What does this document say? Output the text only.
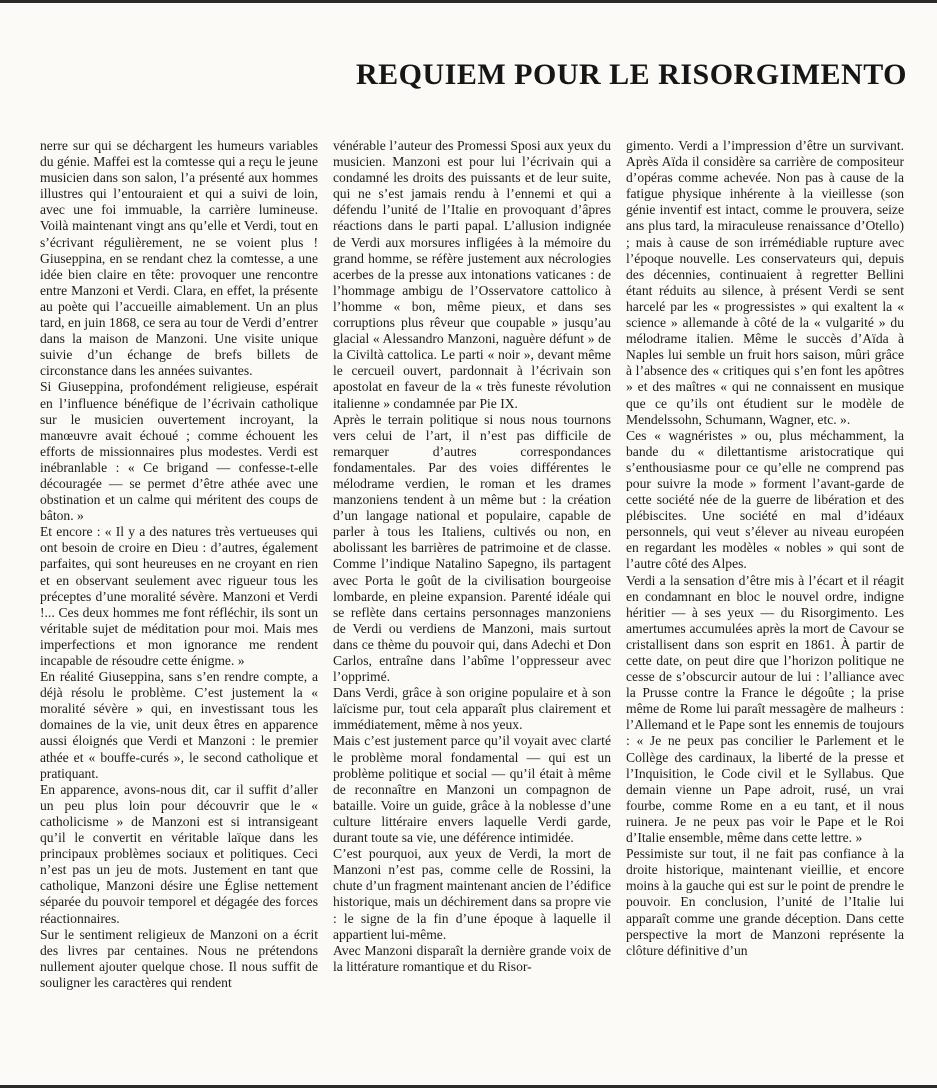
REQUIEM POUR LE RISORGIMENTO

nerre sur qui se déchargent les humeurs variables du génie. Maffei est la comtesse qui a reçu le jeune musicien dans son salon, l’a présenté aux hommes illustres qui l’entouraient et qui a suivi de loin, avec une foi immuable, la carrière lumineuse. Voilà maintenant vingt ans qu’elle et Verdi, tout en s’écrivant régulièrement, ne se voient plus ! Giuseppina, en se rendant chez la comtesse, a une idée bien claire en tête: provoquer une rencontre entre Manzoni et Verdi. Clara, en effet, la présente au poète qui l’accueille aimablement. Un an plus tard, en juin 1868, ce sera au tour de Verdi d’entrer dans la maison de Manzoni. Une visite unique suivie d’un échange de brefs billets de circonstance dans les années suivantes.

Si Giuseppina, profondément religieuse, espérait en l’influence bénéfique de l’écrivain catholique sur le musicien ouvertement incroyant, la manœuvre avait échoué ; comme échouent les efforts de missionnaires plus modestes. Verdi est inébranlable : « Ce brigand — confesse-t-elle découragée — se permet d’être athée avec une obstination et un calme qui méritent des coups de bâton. »

Et encore : « Il y a des natures très vertueuses qui ont besoin de croire en Dieu : d’autres, également parfaites, qui sont heureuses en ne croyant en rien et en observant seulement avec rigueur tous les préceptes d’une moralité sévère. Manzoni et Verdi !... Ces deux hommes me font réfléchir, ils sont un véritable sujet de méditation pour moi. Mais mes imperfections et mon ignorance me rendent incapable de résoudre cette énigme. »

En réalité Giuseppina, sans s’en rendre compte, a déjà résolu le problème. C’est justement la « moralité sévère » qui, en investissant tous les domaines de la vie, unit deux êtres en apparence aussi éloignés que Verdi et Manzoni : le premier athée et « bouffe-curés », le second catholique et pratiquant.

En apparence, avons-nous dit, car il suffit d’aller un peu plus loin pour découvrir que le « catholicisme » de Manzoni est si intransigeant qu’il le convertit en véritable laïque dans les principaux problèmes sociaux et politiques. Ceci n’est pas un jeu de mots. Justement en tant que catholique, Manzoni désire une Église nettement séparée du pouvoir temporel et dégagée des forces réactionnaires.

Sur le sentiment religieux de Manzoni on a écrit des livres par centaines. Nous ne prétendons nullement ajouter quelque chose. Il nous suffit de souligner les caractères qui rendent

vénérable l’auteur des Promessi Sposi aux yeux du musicien. Manzoni est pour lui l’écrivain qui a condamné les droits des puissants et de leur suite, qui ne s’est jamais rendu à l’ennemi et qui a défendu l’unité de l’Italie en provoquant d’âpres réactions dans le parti papal. L’allusion indignée de Verdi aux morsures infligées à la mémoire du grand homme, se réfère justement aux nécrologies acerbes de la presse aux intonations vaticanes : de l’hommage ambigu de l’Osservatore cattolico à l’homme « bon, même pieux, et dans ses corruptions plus rêveur que coupable » jusqu’au glacial « Alessandro Manzoni, naguère défunt » de la Civiltà cattolica. Le parti « noir », devant même le cercueil ouvert, pardonnait à l’écrivain son apostolat en faveur de la « très funeste révolution italienne » condamnée par Pie IX.

Après le terrain politique si nous nous tournons vers celui de l’art, il n’est pas difficile de remarquer d’autres correspondances fondamentales. Par des voies différentes le mélodrame verdien, le roman et les drames manzoniens tendent à un même but : la création d’un langage national et populaire, capable de parler à tous les Italiens, cultivés ou non, en abolissant les barrières de patrimoine et de classe. Comme l’indique Natalino Sapegno, ils partagent avec Porta le goût de la civilisation bourgeoise lombarde, en pleine expansion. Parenté idéale qui se reflète dans certains personnages manzoniens de Verdi ou verdiens de Manzoni, mais surtout dans ce thème du pouvoir qui, dans Adechi et Don Carlos, entraîne dans l’abîme l’oppresseur avec l’opprimé.

Dans Verdi, grâce à son origine populaire et à son laïcisme pur, tout cela apparaît plus clairement et immédiatement, même à nos yeux.

Mais c’est justement parce qu’il voyait avec clarté le problème moral fondamental — qui est un problème politique et social — qu’il était à même de reconnaître en Manzoni un compagnon de bataille. Voire un guide, grâce à la noblesse d’une culture littéraire envers laquelle Verdi garde, durant toute sa vie, une déférence intimidée.

C’est pourquoi, aux yeux de Verdi, la mort de Manzoni n’est pas, comme celle de Rossini, la chute d’un fragment maintenant ancien de l’édifice historique, mais un déchirement dans sa propre vie : le signe de la fin d’une époque à laquelle il appartient lui-même.

Avec Manzoni disparaît la dernière grande voix de la littérature romantique et du Risor-

gimento. Verdi a l’impression d’être un survivant. Après Aïda il considère sa carrière de compositeur d’opéras comme achevée. Non pas à cause de la fatigue physique inhérente à la vieillesse (son génie inventif est intact, comme le prouvera, seize ans plus tard, la miraculeuse renaissance d’Otello) ; mais à cause de son irrémédiable rupture avec l’époque nouvelle. Les conservateurs qui, depuis des décennies, continuaient à regretter Bellini étant réduits au silence, à présent Verdi se sent harcelé par les « progressistes » qui exaltent la « science » allemande à côté de la « vulgarité » du mélodrame italien. Même le succès d’Aïda à Naples lui semble un fruit hors saison, mûri grâce à l’absence des « critiques qui s’en font les apôtres » et des maîtres « qui ne connaissent en musique que ce qu’ils ont étudient sur le modèle de Mendelssohn, Schumann, Wagner, etc. ».

Ces « wagnéristes » ou, plus méchamment, la bande du « dilettantisme aristocratique qui s’enthousiasme pour ce qu’elle ne comprend pas pour suivre la mode » forment l’avant-garde de cette société née de la guerre de libération et des plébiscites. Une société en mal d’idéaux personnels, qui veut s’élever au niveau européen en regardant les modèles « nobles » qui sont de l’autre côté des Alpes.

Verdi a la sensation d’être mis à l’écart et il réagit en condamnant en bloc le nouvel ordre, indigne héritier — à ses yeux — du Risorgimento. Les amertumes accumulées après la mort de Cavour se cristallisent dans son esprit en 1861. À partir de cette date, on peut dire que l’horizon politique ne cesse de s’obscurcir autour de lui : l’alliance avec la Prusse contre la France le dégoûte ; la prise même de Rome lui paraît messagère de malheurs : l’Allemand et le Pape sont les ennemis de toujours : « Je ne peux pas concilier le Parlement et le Collège des cardinaux, la liberté de la presse et l’Inquisition, le Code civil et le Syllabus. Que demain vienne un Pape adroit, rusé, un vrai fourbe, comme Rome en a eu tant, et il nous ruinera. Je ne peux pas voir le Pape et le Roi d’Italie ensemble, même dans cette lettre. »

Pessimiste sur tout, il ne fait pas confiance à la droite historique, maintenant vieillie, et encore moins à la gauche qui est sur le point de prendre le pouvoir. En conclusion, l’unité de l’Italie lui apparaît comme une grande déception. Dans cette perspective la mort de Manzoni représente la clôture définitive d’un
